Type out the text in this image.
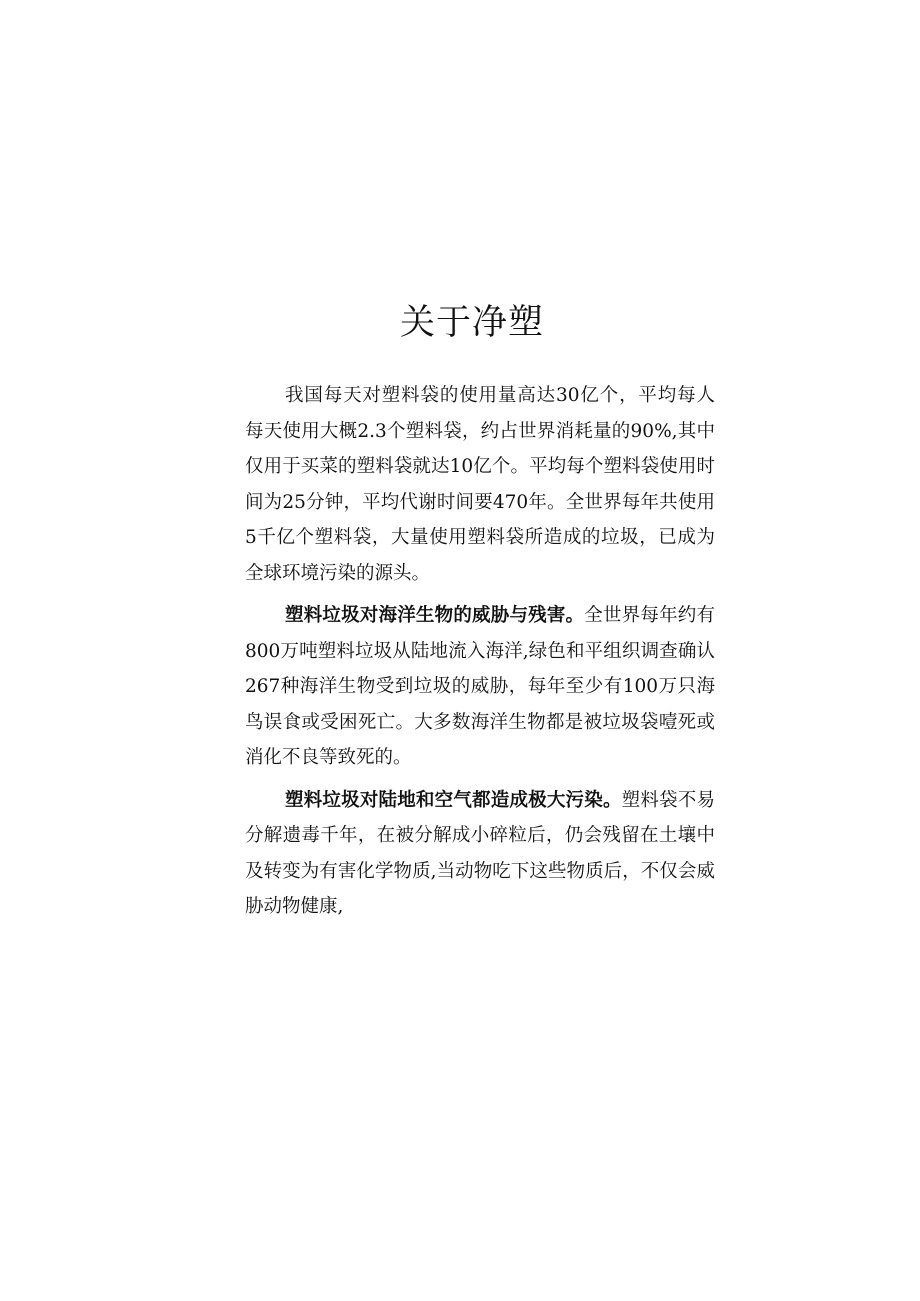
关于净塑

我国每天对塑料袋的使用量高达30亿个，平均每人每天使用大概2.3个塑料袋，约占世界消耗量的90%,其中仅用于买菜的塑料袋就达10亿个。平均每个塑料袋使用时间为25分钟，平均代谢时间要470年。全世界每年共使用5千亿个塑料袋，大量使用塑料袋所造成的垃圾，已成为全球环境污染的源头。

塑料垃圾对海洋生物的威胁与残害。全世界每年约有800万吨塑料垃圾从陆地流入海洋,绿色和平组织调查确认267种海洋生物受到垃圾的威胁，每年至少有100万只海鸟误食或受困死亡。大多数海洋生物都是被垃圾袋噎死或消化不良等致死的。

塑料垃圾对陆地和空气都造成极大污染。塑料袋不易分解遗毒千年，在被分解成小碎粒后，仍会残留在土壤中及转变为有害化学物质,当动物吃下这些物质后，不仅会威胁动物健康,
